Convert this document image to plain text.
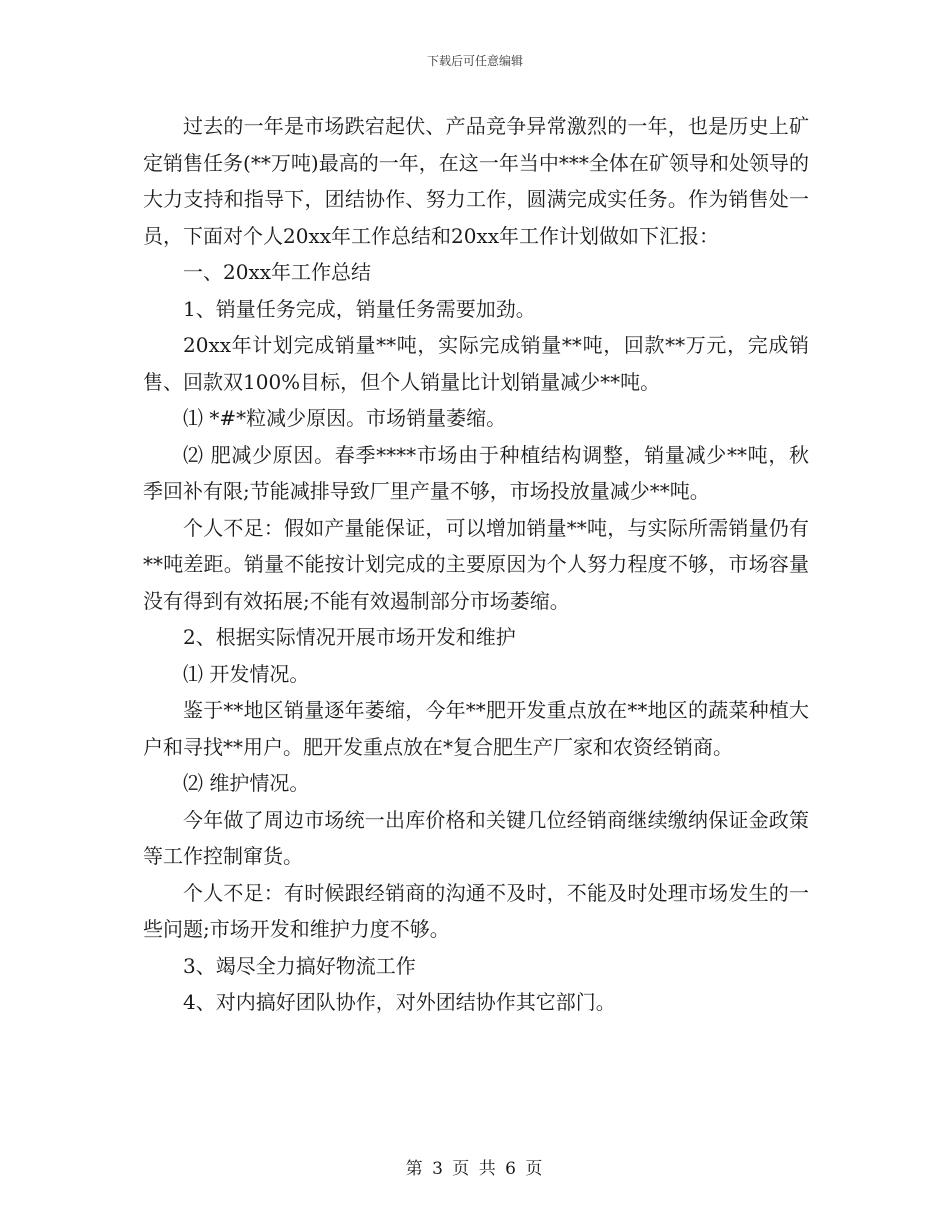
下载后可任意编辑

过去的一年是市场跌宕起伏、产品竞争异常激烈的一年，也是历史上矿定销售任务(**万吨)最高的一年，在这一年当中***全体在矿领导和处领导的大力支持和指导下，团结协作、努力工作，圆满完成实任务。作为销售处一员，下面对个人20xx年工作总结和20xx年工作计划做如下汇报：

一、20xx年工作总结

1、销量任务完成，销量任务需要加劲。

20xx年计划完成销量**吨，实际完成销量**吨，回款**万元，完成销售、回款双100%目标，但个人销量比计划销量减少**吨。

⑴ *#*粒减少原因。市场销量萎缩。

⑵ 肥减少原因。春季****市场由于种植结构调整，销量减少**吨，秋季回补有限;节能减排导致厂里产量不够，市场投放量减少**吨。

个人不足：假如产量能保证，可以增加销量**吨，与实际所需销量仍有**吨差距。销量不能按计划完成的主要原因为个人努力程度不够，市场容量没有得到有效拓展;不能有效遏制部分市场萎缩。

2、根据实际情况开展市场开发和维护

⑴ 开发情况。

鉴于**地区销量逐年萎缩，今年**肥开发重点放在**地区的蔬菜种植大户和寻找**用户。肥开发重点放在*复合肥生产厂家和农资经销商。

⑵ 维护情况。

今年做了周边市场统一出库价格和关键几位经销商继续缴纳保证金政策等工作控制窜货。

个人不足：有时候跟经销商的沟通不及时，不能及时处理市场发生的一些问题;市场开发和维护力度不够。

3、竭尽全力搞好物流工作

4、对内搞好团队协作，对外团结协作其它部门。

第 3 页 共 6 页
